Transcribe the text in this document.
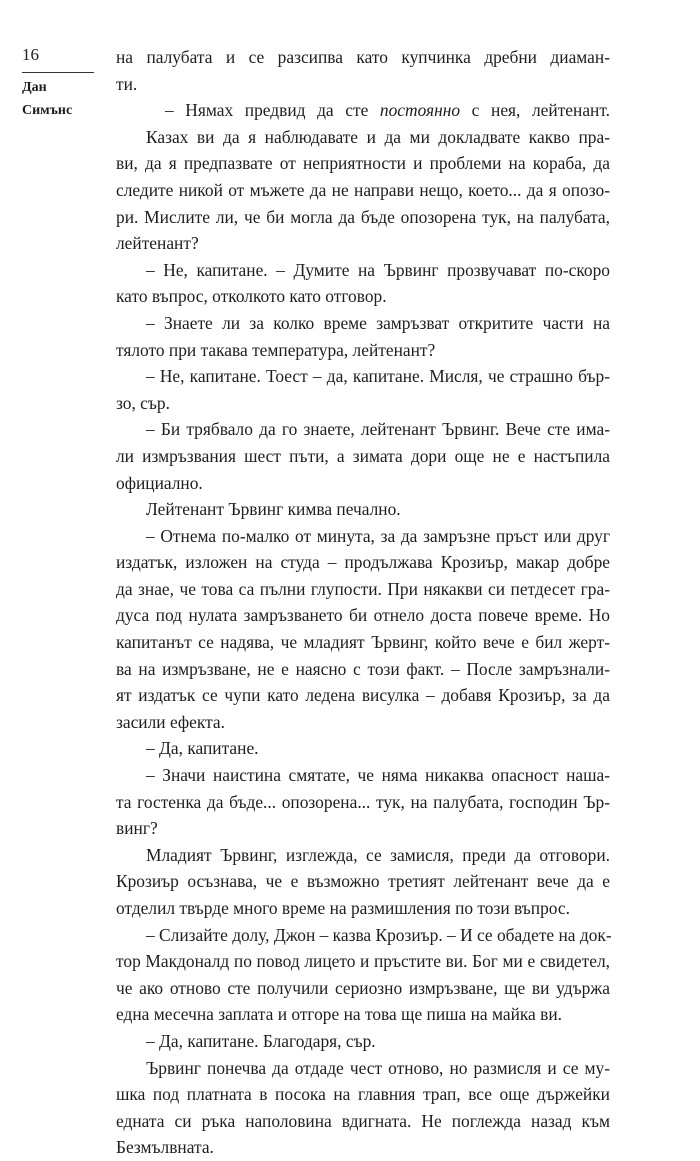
16
Дан
Симънс
на палубата и се разсипва като купчинка дребни диаман-
ти.
– Нямах предвид да сте постоянно с нея, лейтенант.
Казах ви да я наблюдавате и да ми докладвате какво пра-
ви, да я предпазвате от неприятности и проблеми на кораба, да
следите никой от мъжете да не направи нещо, което... да я опозо-
ри. Мислите ли, че би могла да бъде опозорена тук, на палубата,
лейтенант?
– Не, капитане. – Думите на Ървинг прозвучават по-скоро
като въпрос, отколкото като отговор.
– Знаете ли за колко време замръзват откритите части на
тялото при такава температура, лейтенант?
– Не, капитане. Тоест – да, капитане. Мисля, че страшно бър-
зо, сър.
– Би трябвало да го знаете, лейтенант Ървинг. Вече сте има-
ли измръзвания шест пъти, а зимата дори още не е настъпила
официално.
Лейтенант Ървинг кимва печално.
– Отнема по-малко от минута, за да замръзне пръст или друг
издатък, изложен на студа – продължава Крозиър, макар добре
да знае, че това са пълни глупости. При някакви си петдесет гра-
дуса под нулата замръзването би отнело доста повече време. Но
капитанът се надява, че младият Ървинг, който вече е бил жерт-
ва на измръзване, не е наясно с този факт. – После замръзнали-
ят издатък се чупи като ледена висулка – добавя Крозиър, за да
засили ефекта.
– Да, капитане.
– Значи наистина смятате, че няма никаква опасност наша-
та гостенка да бъде... опозорена... тук, на палубата, господин Ър-
винг?
Младият Ървинг, изглежда, се замисля, преди да отговори.
Крозиър осъзнава, че е възможно третият лейтенант вече да е
отделил твърде много време на размишления по този въпрос.
– Слизайте долу, Джон – казва Крозиър. – И се обадете на док-
тор Макдоналд по повод лицето и пръстите ви. Бог ми е свидетел,
че ако отново сте получили сериозно измръзване, ще ви удържа
една месечна заплата и отгоре на това ще пиша на майка ви.
– Да, капитане. Благодаря, сър.
Ървинг понечва да отдаде чест отново, но размисля и се му-
шка под платната в посока на главния трап, все още държейки
едната си ръка наполовина вдигната. Не поглежда назад към
Безмълвната.
